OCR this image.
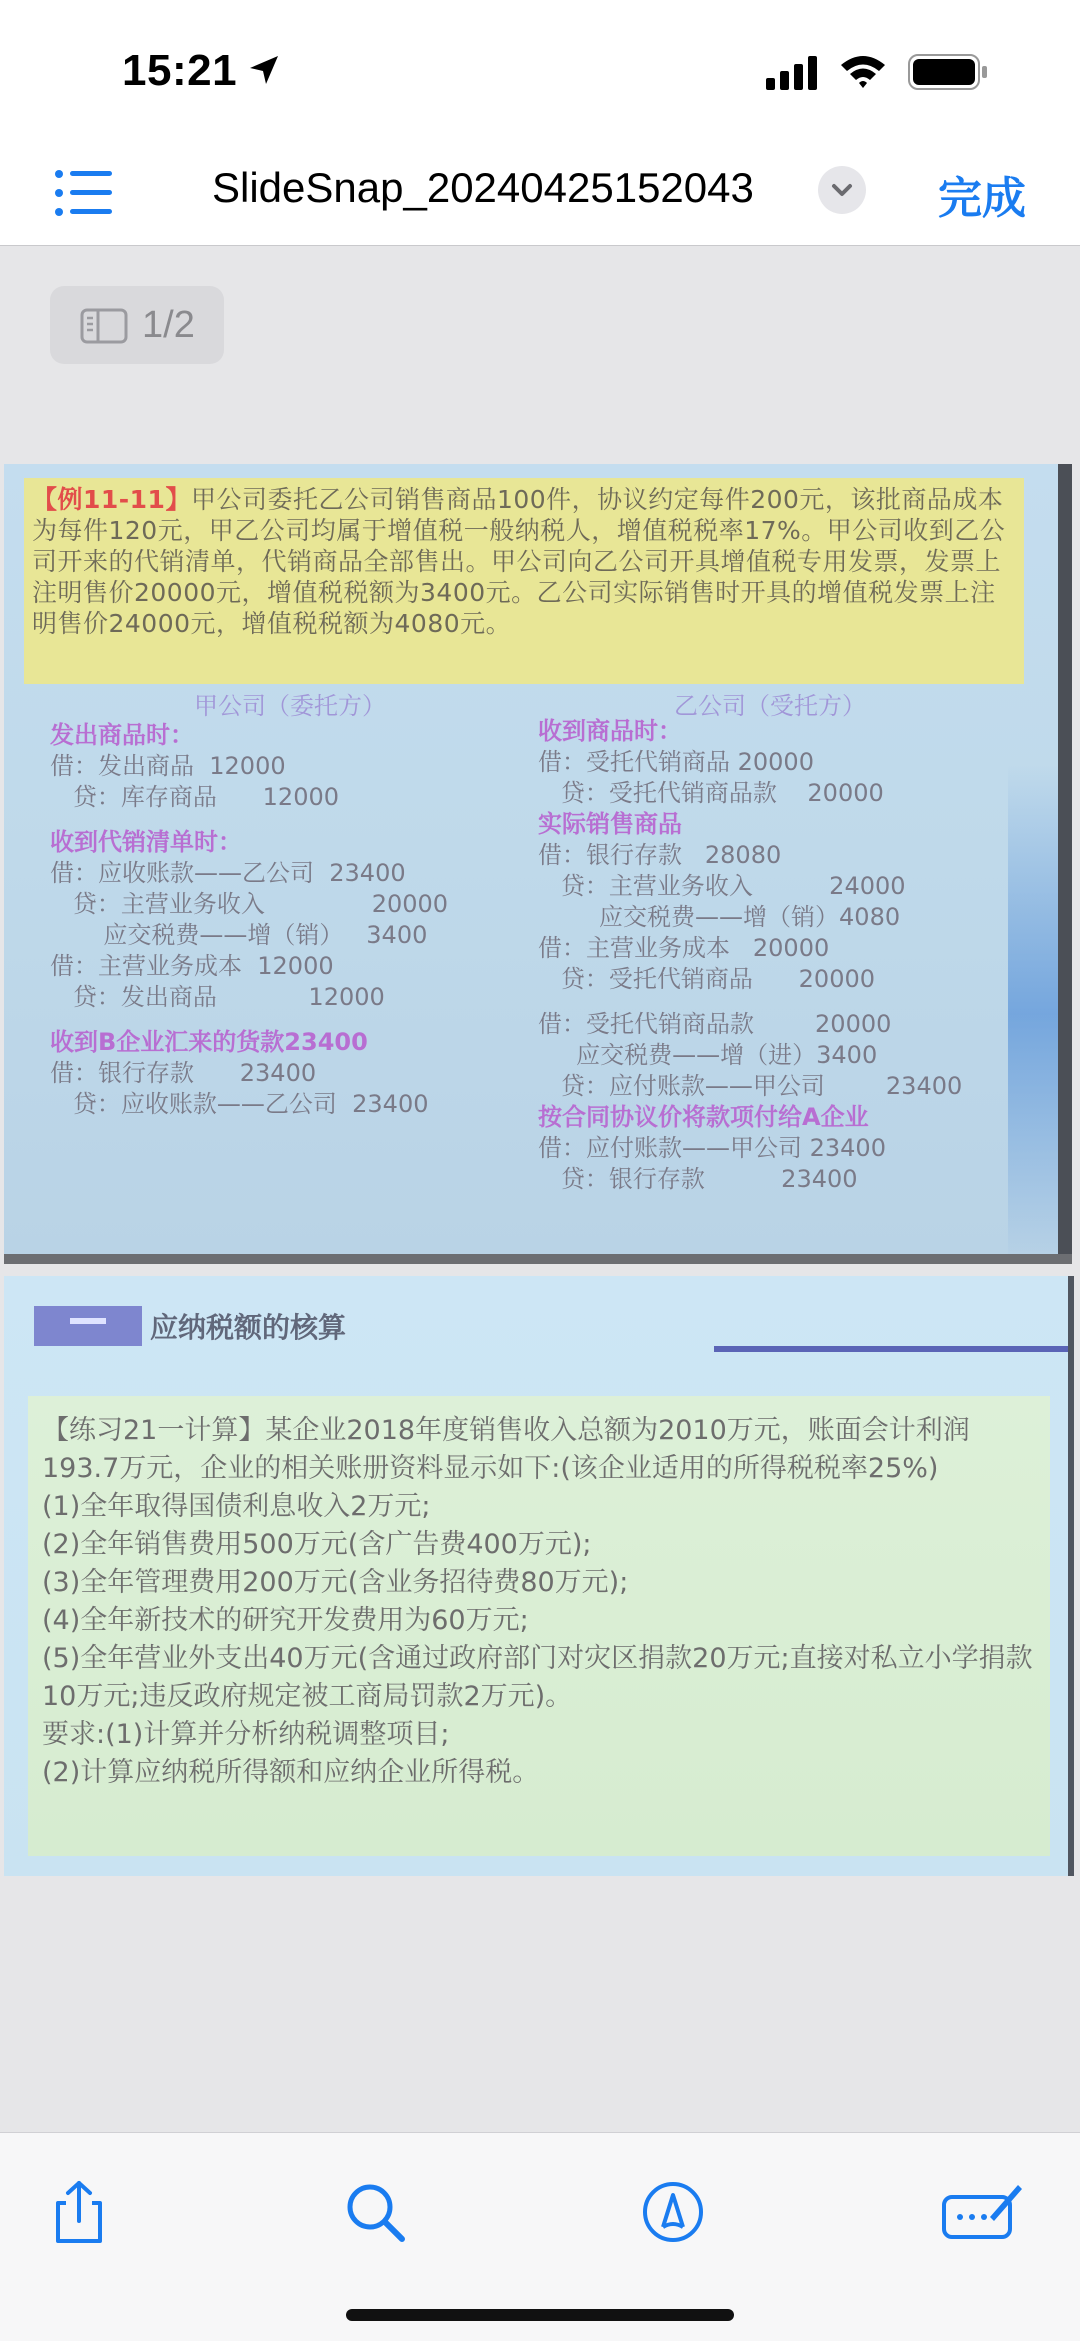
15:21
SlideSnap_20240425152043	完成
1/2
【例11-11】甲公司委托乙公司销售商品100件，协议约定每件200元，该批商品成本为每件120元，甲乙公司均属于增值税一般纳税人，增值税税率17%。甲公司收到乙公司开来的代销清单，代销商品全部售出。甲公司向乙公司开具增值税专用发票，发票上注明售价20000元，增值税税额为3400元。乙公司实际销售时开具的增值税发票上注明售价24000元，增值税税额为4080元。
甲公司（委托方）	乙公司（受托方）
发出商品时：
借：发出商品  12000
贷：库存商品      12000
收到代销清单时：
借：应收账款——乙公司  23400
贷：主营业务收入              20000
应交税费——增（销）   3400
借：主营业务成本  12000
贷：发出商品            12000
收到B企业汇来的货款23400
借：银行存款      23400
贷：应收账款——乙公司  23400
收到商品时：
借：受托代销商品 20000
贷：受托代销商品款    20000
实际销售商品
借：银行存款   28080
贷：主营业务收入          24000
应交税费——增（销）4080
借：主营业务成本   20000
贷：受托代销商品      20000
借：受托代销商品款        20000
应交税费——增（进）3400
贷：应付账款——甲公司        23400
按合同协议价将款项付给A企业
借：应付账款——甲公司 23400
贷：银行存款          23400
应纳税额的核算
【练习21一计算】某企业2018年度销售收入总额为2010万元，账面会计利润193.7万元，企业的相关账册资料显示如下:(该企业适用的所得税税率25%)
(1)全年取得国债利息收入2万元;
(2)全年销售费用500万元(含广告费400万元);
(3)全年管理费用200万元(含业务招待费80万元);
(4)全年新技术的研究开发费用为60万元;
(5)全年营业外支出40万元(含通过政府部门对灾区捐款20万元;直接对私立小学捐款10万元;违反政府规定被工商局罚款2万元)。
要求:(1)计算并分析纳税调整项目;
(2)计算应纳税所得额和应纳企业所得税。
